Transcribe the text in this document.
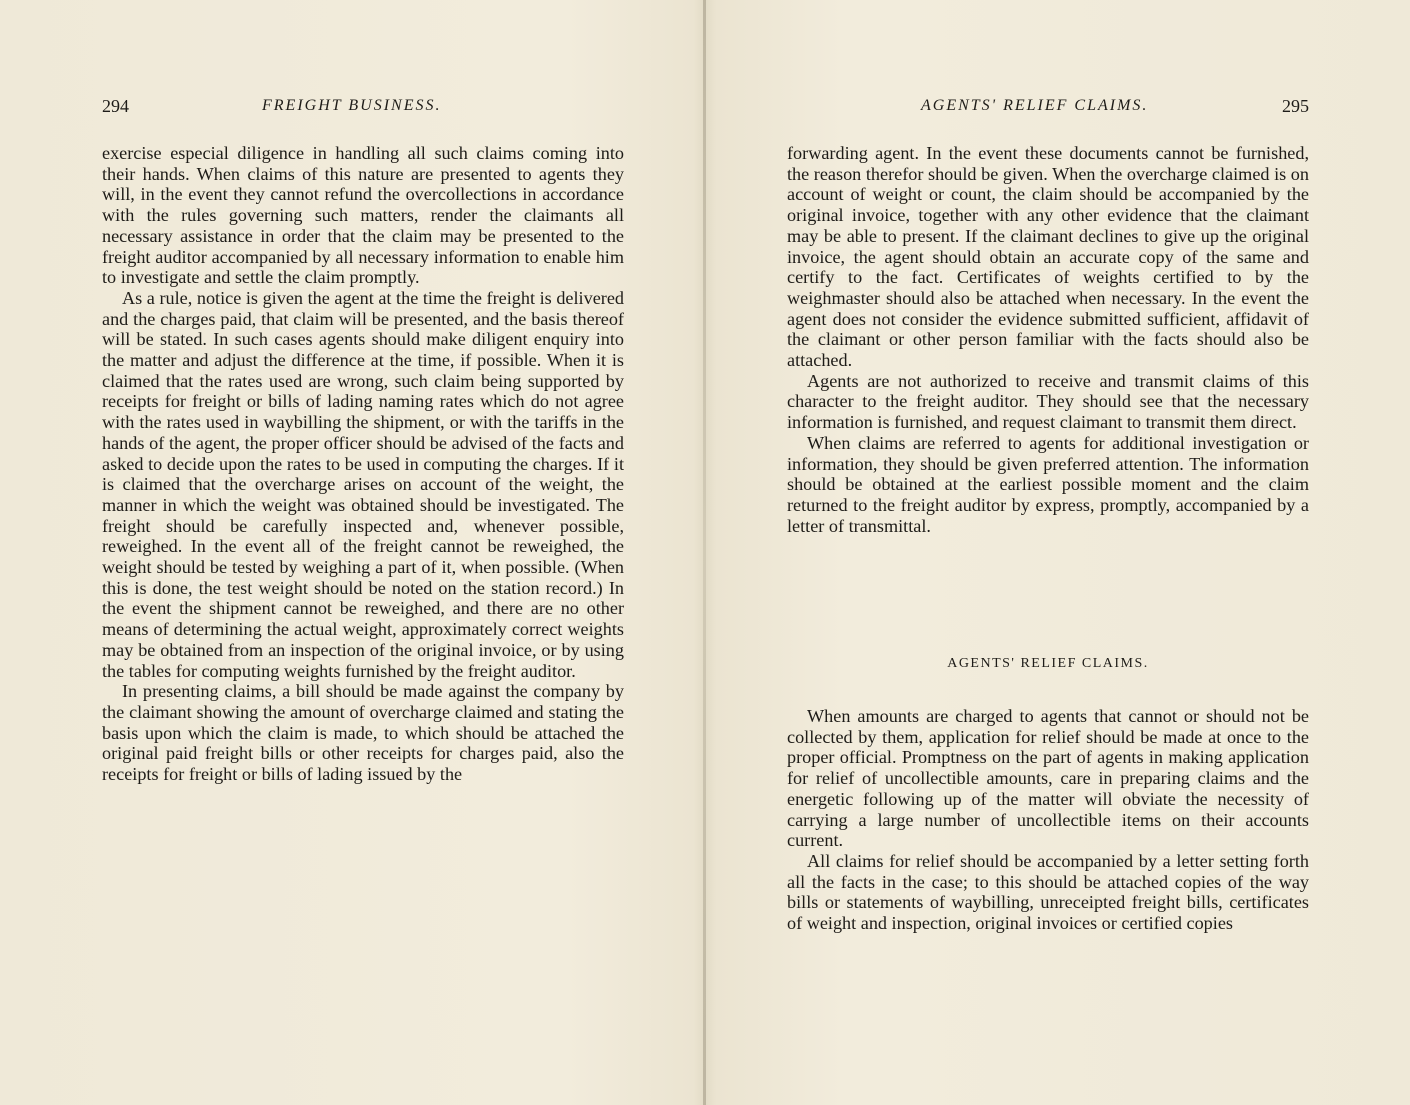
294	FREIGHT BUSINESS.

exercise especial diligence in handling all such claims coming into their hands. When claims of this nature are presented to agents they will, in the event they cannot refund the overcollections in accordance with the rules governing such matters, render the claimants all necessary assistance in order that the claim may be presented to the freight auditor accompanied by all necessary information to enable him to investigate and settle the claim promptly.

As a rule, notice is given the agent at the time the freight is delivered and the charges paid, that claim will be presented, and the basis thereof will be stated. In such cases agents should make diligent enquiry into the matter and adjust the difference at the time, if possible. When it is claimed that the rates used are wrong, such claim being supported by receipts for freight or bills of lading naming rates which do not agree with the rates used in waybilling the shipment, or with the tariffs in the hands of the agent, the proper officer should be advised of the facts and asked to decide upon the rates to be used in computing the charges. If it is claimed that the overcharge arises on account of the weight, the manner in which the weight was obtained should be investigated. The freight should be carefully inspected and, whenever possible, reweighed. In the event all of the freight cannot be reweighed, the weight should be tested by weighing a part of it, when possible. (When this is done, the test weight should be noted on the station record.) In the event the shipment cannot be reweighed, and there are no other means of determining the actual weight, approximately correct weights may be obtained from an inspection of the original invoice, or by using the tables for computing weights furnished by the freight auditor.

In presenting claims, a bill should be made against the company by the claimant showing the amount of overcharge claimed and stating the basis upon which the claim is made, to which should be attached the original paid freight bills or other receipts for charges paid, also the receipts for freight or bills of lading issued by the

AGENTS' RELIEF CLAIMS.	295

forwarding agent. In the event these documents cannot be furnished, the reason therefor should be given. When the overcharge claimed is on account of weight or count, the claim should be accompanied by the original invoice, together with any other evidence that the claimant may be able to present. If the claimant declines to give up the original invoice, the agent should obtain an accurate copy of the same and certify to the fact. Certificates of weights certified to by the weighmaster should also be attached when necessary. In the event the agent does not consider the evidence submitted sufficient, affidavit of the claimant or other person familiar with the facts should also be attached.

Agents are not authorized to receive and transmit claims of this character to the freight auditor. They should see that the necessary information is furnished, and request claimant to transmit them direct.

When claims are referred to agents for additional investigation or information, they should be given preferred attention. The information should be obtained at the earliest possible moment and the claim returned to the freight auditor by express, promptly, accompanied by a letter of transmittal.

AGENTS' RELIEF CLAIMS.

When amounts are charged to agents that cannot or should not be collected by them, application for relief should be made at once to the proper official. Promptness on the part of agents in making application for relief of uncollectible amounts, care in preparing claims and the energetic following up of the matter will obviate the necessity of carrying a large number of uncollectible items on their accounts current.

All claims for relief should be accompanied by a letter setting forth all the facts in the case; to this should be attached copies of the way bills or statements of waybilling, unreceipted freight bills, certificates of weight and inspection, original invoices or certified copies
